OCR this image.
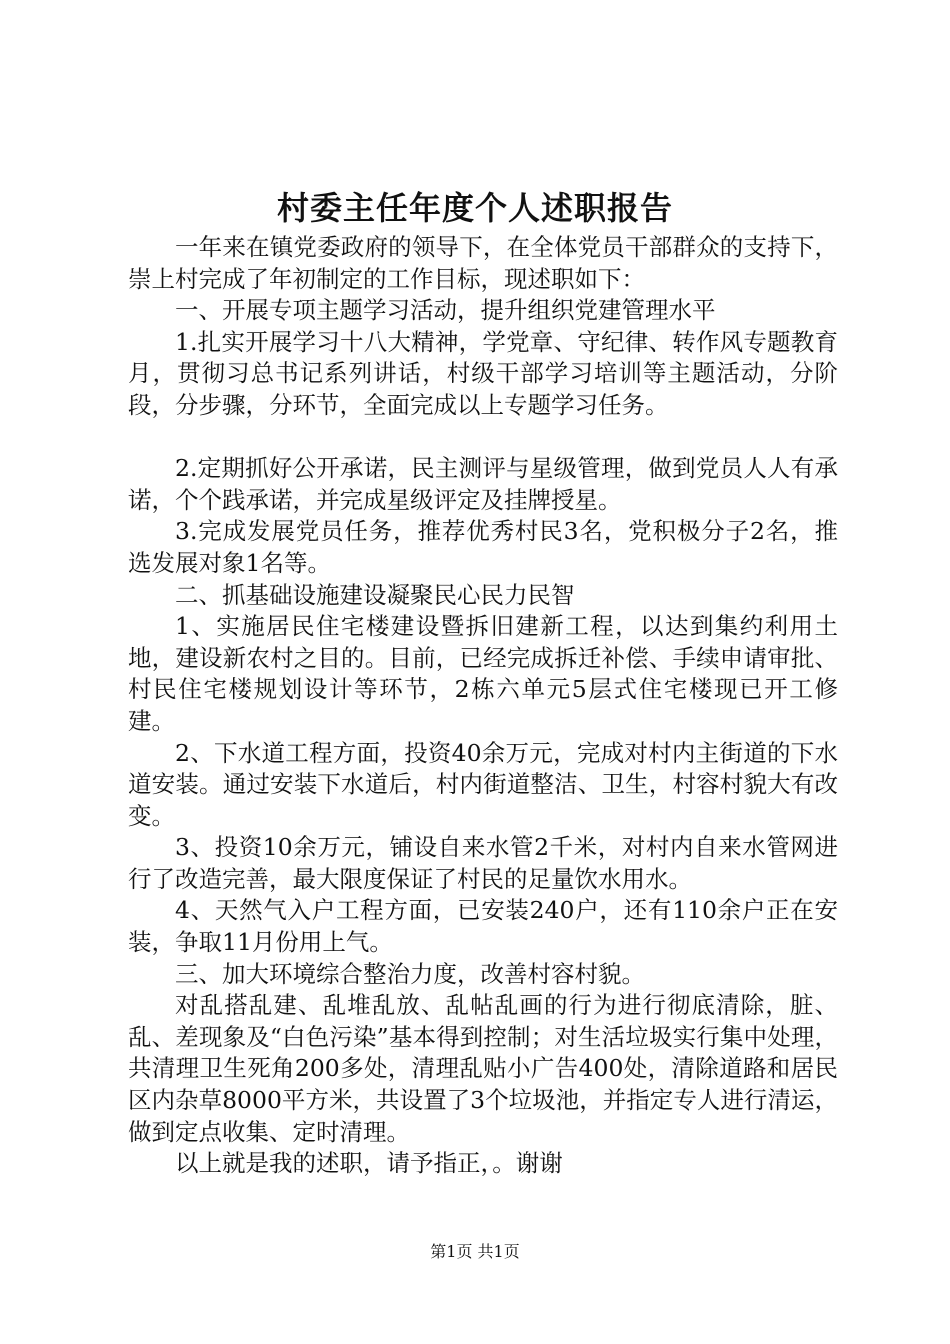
村委主任年度个人述职报告

一年来在镇党委政府的领导下，在全体党员干部群众的支持下，崇上村完成了年初制定的工作目标，现述职如下：

一、开展专项主题学习活动，提升组织党建管理水平

1.扎实开展学习十八大精神，学党章、守纪律、转作风专题教育月，贯彻习总书记系列讲话，村级干部学习培训等主题活动，分阶段，分步骤，分环节，全面完成以上专题学习任务。

2.定期抓好公开承诺，民主测评与星级管理，做到党员人人有承诺，个个践承诺，并完成星级评定及挂牌授星。

3.完成发展党员任务，推荐优秀村民3名，党积极分子2名，推选发展对象1名等。

二、抓基础设施建设凝聚民心民力民智

1、实施居民住宅楼建设暨拆旧建新工程，以达到集约利用土地，建设新农村之目的。目前，已经完成拆迁补偿、手续申请审批、村民住宅楼规划设计等环节，2栋六单元5层式住宅楼现已开工修建。

2、下水道工程方面，投资40余万元，完成对村内主街道的下水道安装。通过安装下水道后，村内街道整洁、卫生，村容村貌大有改变。

3、投资10余万元，铺设自来水管2千米，对村内自来水管网进行了改造完善，最大限度保证了村民的足量饮水用水。

4、天然气入户工程方面，已安装240户，还有110余户正在安装，争取11月份用上气。

三、加大环境综合整治力度，改善村容村貌。

对乱搭乱建、乱堆乱放、乱帖乱画的行为进行彻底清除，脏、乱、差现象及“白色污染”基本得到控制；对生活垃圾实行集中处理，共清理卫生死角200多处，清理乱贴小广告400处，清除道路和居民区内杂草8000平方米，共设置了3个垃圾池，并指定专人进行清运，做到定点收集、定时清理。

以上就是我的述职，请予指正，。谢谢

第1页 共1页
